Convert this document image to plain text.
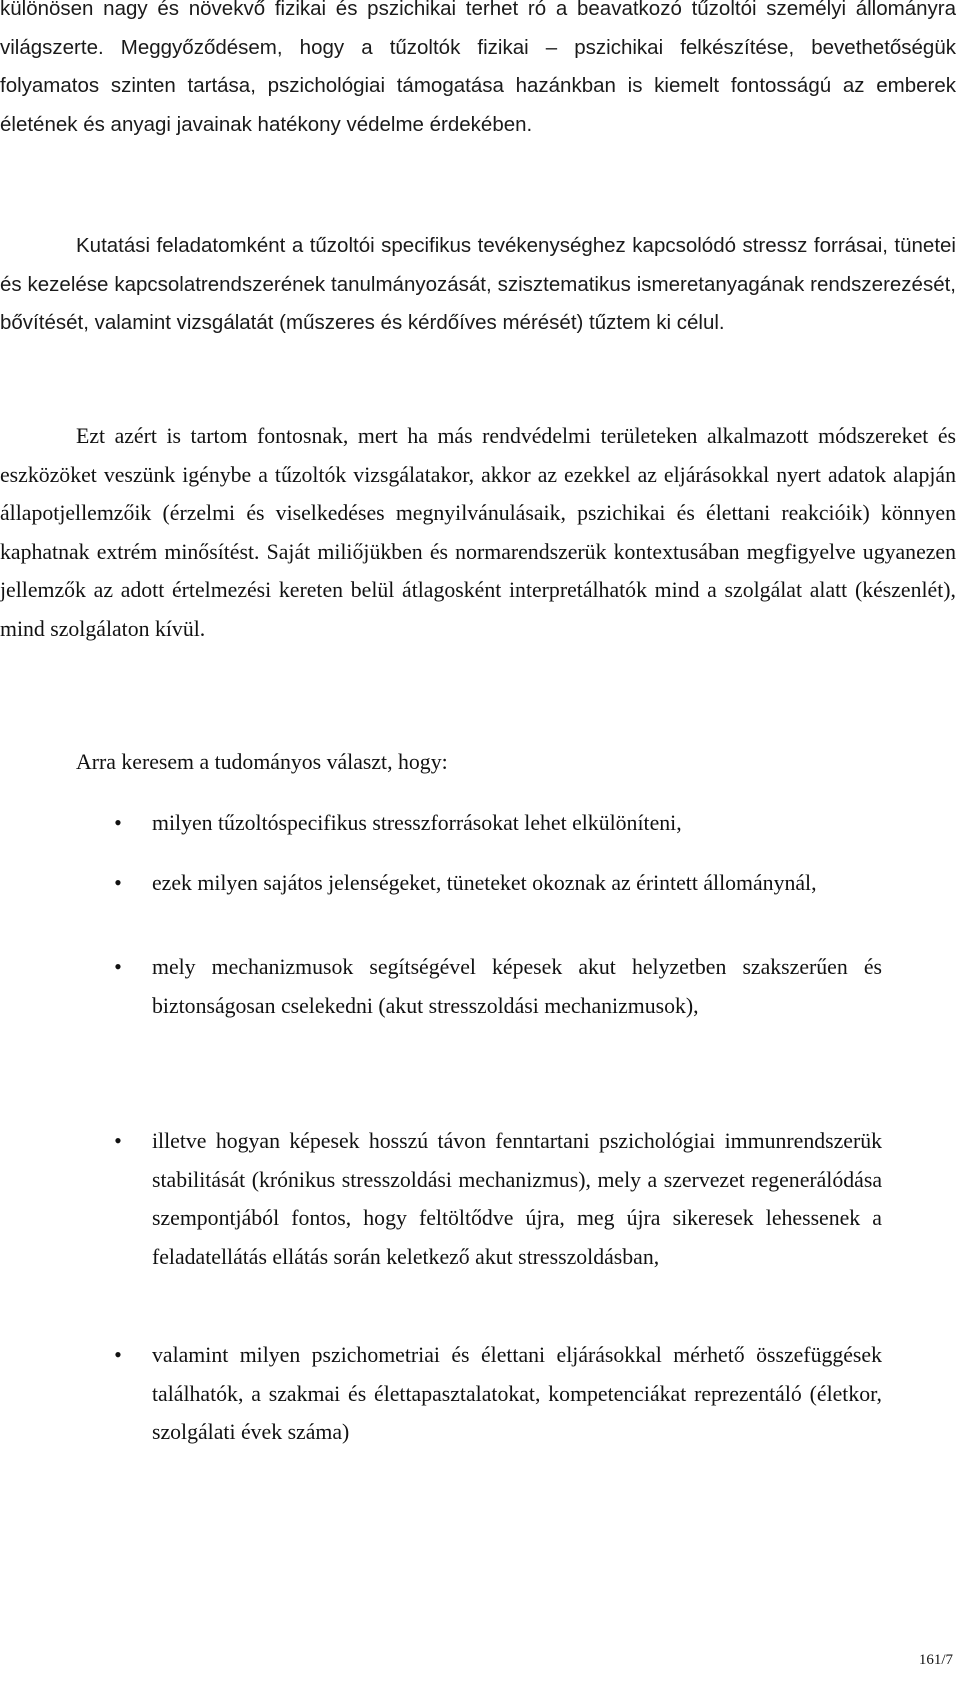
különösen nagy és növekvő fizikai és pszichikai terhet ró a beavatkozó tűzoltói személyi állományra világszerte. Meggyőződésem, hogy a tűzoltók fizikai – pszichikai felkészítése, bevethetőségük folyamatos szinten tartása, pszichológiai támogatása hazánkban is kiemelt fontosságú az emberek életének és anyagi javainak hatékony védelme érdekében.

Kutatási feladatomként a tűzoltói specifikus tevékenységhez kapcsolódó stressz forrásai, tünetei és kezelése kapcsolatrendszerének tanulmányozását, szisztematikus ismeretanyagának rendszerezését, bővítését, valamint vizsgálatát (műszeres és kérdőíves mérését) tűztem ki célul.

Ezt azért is tartom fontosnak, mert ha más rendvédelmi területeken alkalmazott módszereket és eszközöket veszünk igénybe a tűzoltók vizsgálatakor, akkor az ezekkel az eljárásokkal nyert adatok alapján állapotjellemzőik (érzelmi és viselkedéses megnyilvánulásaik, pszichikai és élettani reakcióik) könnyen kaphatnak extrém minősítést. Saját miliőjükben és normarendszerük kontextusában megfigyelve ugyanezen jellemzők az adott értelmezési kereten belül átlagosként interpretálhatók mind a szolgálat alatt (készenlét), mind szolgálaton kívül.

Arra keresem a tudományos választ, hogy:

• milyen tűzoltóspecifikus stresszforrásokat lehet elkülöníteni,
• ezek milyen sajátos jelenségeket, tüneteket okoznak az érintett állománynál,
• mely mechanizmusok segítségével képesek akut helyzetben szakszerűen és biztonságosan cselekedni (akut stresszoldási mechanizmusok),
• illetve hogyan képesek hosszú távon fenntartani pszichológiai immunrendszerük stabilitását (krónikus stresszoldási mechanizmus), mely a szervezet regenerálódása szempontjából fontos, hogy feltöltődve újra, meg újra sikeresek lehessenek a feladatellátás ellátás során keletkező akut stresszoldásban,
• valamint milyen pszichometriai és élettani eljárásokkal mérhető összefüggések találhatók, a szakmai és élettapasztalatokat, kompetenciákat reprezentáló (életkor, szolgálati évek száma)
161/7
